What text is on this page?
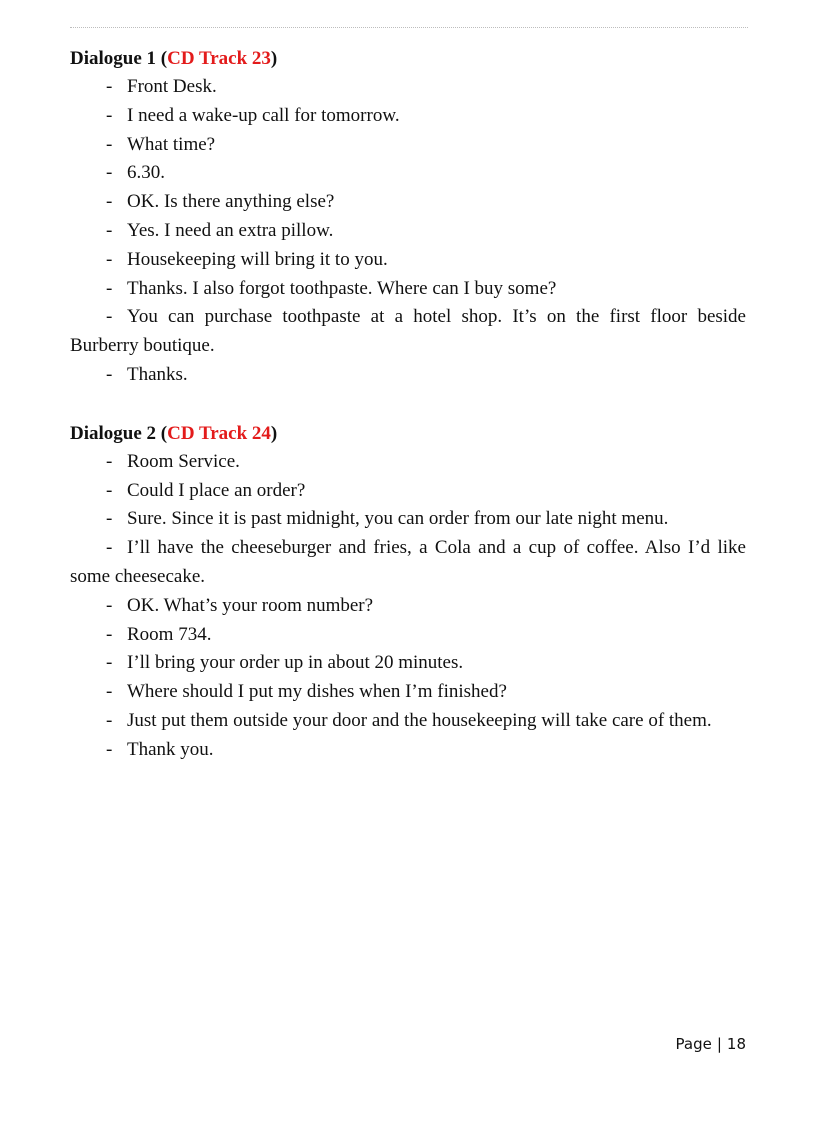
Dialogue 1 (CD Track 23)

- Front Desk.
- I need a wake-up call for tomorrow.
- What time?
- 6.30.
- OK. Is there anything else?
- Yes. I need an extra pillow.
- Housekeeping will bring it to you.
- Thanks. I also forgot toothpaste. Where can I buy some?
- You can purchase toothpaste at a hotel shop. It’s on the first floor beside Burberry boutique.
- Thanks.

Dialogue 2 (CD Track 24)

- Room Service.
- Could I place an order?
- Sure. Since it is past midnight, you can order from our late night menu.
- I’ll have the cheeseburger and fries, a Cola and a cup of coffee. Also I’d like some cheesecake.
- OK. What’s your room number?
- Room 734.
- I’ll bring your order up in about 20 minutes.
- Where should I put my dishes when I’m finished?
- Just put them outside your door and the housekeeping will take care of them.
- Thank you.
Page | 18
